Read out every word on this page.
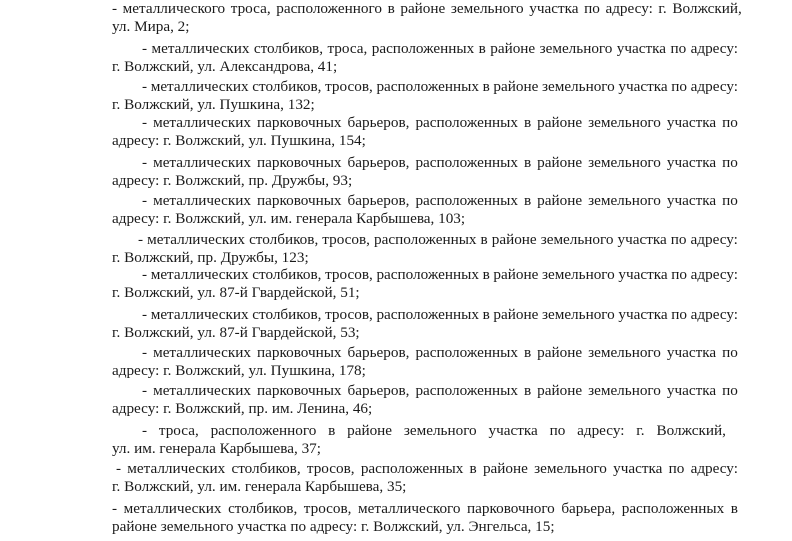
- металлического троса, расположенного в районе земельного участка по адресу: г. Волжский,
ул. Мира, 2;
- металлических столбиков, троса, расположенных в районе земельного участка по адресу:
г. Волжский, ул. Александрова, 41;
- металлических столбиков, тросов, расположенных в районе земельного участка по адресу:
г. Волжский, ул. Пушкина, 132;
- металлических парковочных барьеров, расположенных в районе земельного участка по
адресу: г. Волжский, ул. Пушкина, 154;
- металлических парковочных барьеров, расположенных в районе земельного участка по
адресу: г. Волжский, пр. Дружбы, 93;
- металлических парковочных барьеров, расположенных в районе земельного участка по
адресу: г. Волжский, ул. им. генерала Карбышева, 103;
- металлических столбиков, тросов, расположенных в районе земельного участка по адресу:
г. Волжский, пр. Дружбы, 123;
- металлических столбиков, тросов, расположенных в районе земельного участка по адресу:
г. Волжский, ул. 87-й Гвардейской, 51;
- металлических столбиков, тросов, расположенных в районе земельного участка по адресу:
г. Волжский, ул. 87-й Гвардейской, 53;
- металлических парковочных барьеров, расположенных в районе земельного участка по
адресу: г. Волжский, ул. Пушкина, 178;
- металлических парковочных барьеров, расположенных в районе земельного участка по
адресу: г. Волжский, пр. им. Ленина, 46;
- троса, расположенного в районе земельного участка по адресу: г. Волжский,
ул. им. генерала Карбышева, 37;
- металлических столбиков, тросов, расположенных в районе земельного участка по адресу:
г. Волжский, ул. им. генерала Карбышева, 35;
- металлических столбиков, тросов, металлического парковочного барьера, расположенных в
районе земельного участка по адресу: г. Волжский, ул. Энгельса, 15;
